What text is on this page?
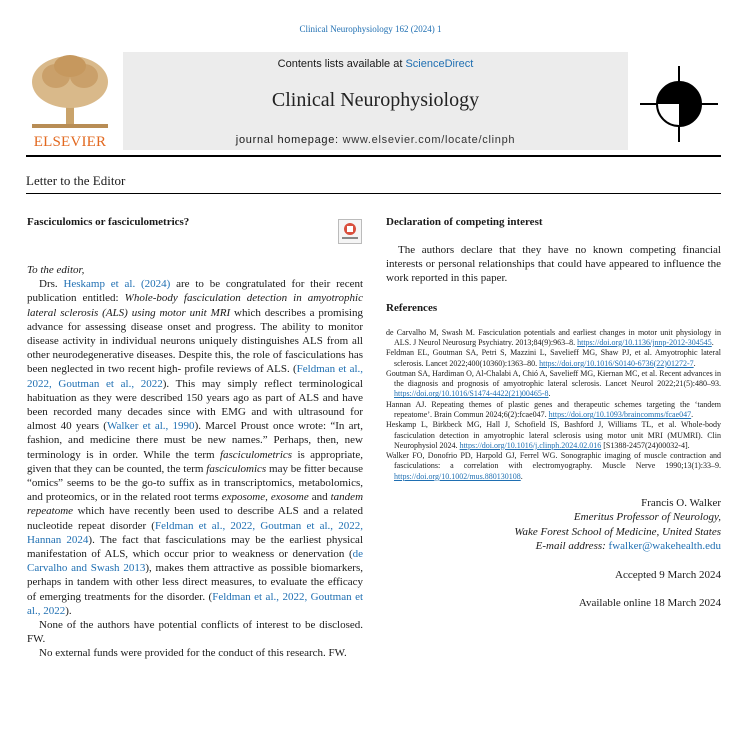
Clinical Neurophysiology 162 (2024) 1
ELSEVIER
Contents lists available at ScienceDirect
Clinical Neurophysiology
journal homepage: www.elsevier.com/locate/clinph
Letter to the Editor
Fasciculomics or fasciculometrics?

To the editor,

Drs. Heskamp et al. (2024) are to be congratulated for their recent publication entitled: Whole-body fasciculation detection in amyotrophic lateral sclerosis (ALS) using motor unit MRI which describes a promising advance for assessing disease onset and progress. The ability to monitor disease activity in individual neurons uniquely distinguishes ALS from all other neurodegenerative diseases. Despite this, the role of fasciculations has been neglected in two recent high- profile reviews of ALS. (Feldman et al., 2022, Goutman et al., 2022). This may simply reflect terminological habituation as they were described 150 years ago as part of ALS and have been recorded many decades since with EMG and with ultrasound for almost 40 years (Walker et al., 1990). Marcel Proust once wrote: “In art, fashion, and medicine there must be new names.” Perhaps, then, new terminology is in order. While the term fasciculometrics is appropriate, given that they can be counted, the term fasciculomics may be fitter because “omics” seems to be the go-to suffix as in transcriptomics, metabolomics, and proteomics, or in the related root terms exposome, exosome and tandem repeatome which have recently been used to describe ALS and a related nucleotide repeat disorder (Feldman et al., 2022, Goutman et al., 2022, Hannan 2024). The fact that fasciculations may be the earliest physical manifestation of ALS, which occur prior to weakness or denervation (de Carvalho and Swash 2013), makes them attractive as possible biomarkers, perhaps in tandem with other less direct measures, to evaluate the efficacy of emerging treatments for the disorder. (Feldman et al., 2022, Goutman et al., 2022).

None of the authors have potential conflicts of interest to be disclosed. FW.

No external funds were provided for the conduct of this research. FW.

Declaration of competing interest

The authors declare that they have no known competing financial interests or personal relationships that could have appeared to influence the work reported in this paper.

References
de Carvalho M, Swash M. Fasciculation potentials and earliest changes in motor unit physiology in ALS. J Neurol Neurosurg Psychiatry. 2013;84(9):963–8. https://doi.org/10.1136/jnnp-2012-304545.
Feldman EL, Goutman SA, Petri S, Mazzini L, Savelieff MG, Shaw PJ, et al. Amyotrophic lateral sclerosis. Lancet 2022;400(10360):1363–80. https://doi.org/10.1016/S0140-6736(22)01272-7.
Goutman SA, Hardiman O, Al-Chalabi A, Chió A, Savelieff MG, Kiernan MC, et al. Recent advances in the diagnosis and prognosis of amyotrophic lateral sclerosis. Lancet Neurol 2022;21(5):480–93. https://doi.org/10.1016/S1474-4422(21)00465-8.
Hannan AJ. Repeating themes of plastic genes and therapeutic schemes targeting the ‘tandem repeatome’. Brain Commun 2024;6(2):fcae047. https://doi.org/10.1093/braincomms/fcae047.
Heskamp L, Birkbeck MG, Hall J, Schofield IS, Bashford J, Williams TL, et al. Whole-body fasciculation detection in amyotrophic lateral sclerosis using motor unit MRI (MUMRI). Clin Neurophysiol 2024. https://doi.org/10.1016/j.clinph.2024.02.016 [S1388-2457(24)00032-4].
Walker FO, Donofrio PD, Harpold GJ, Ferrel WG. Sonographic imaging of muscle contraction and fasciculations: a correlation with electromyography. Muscle Nerve 1990;13(1):33–9. https://doi.org/10.1002/mus.880130108.
Francis O. Walker
Emeritus Professor of Neurology,
Wake Forest School of Medicine, United States
E-mail address: fwalker@wakehealth.edu
Accepted 9 March 2024
Available online 18 March 2024
